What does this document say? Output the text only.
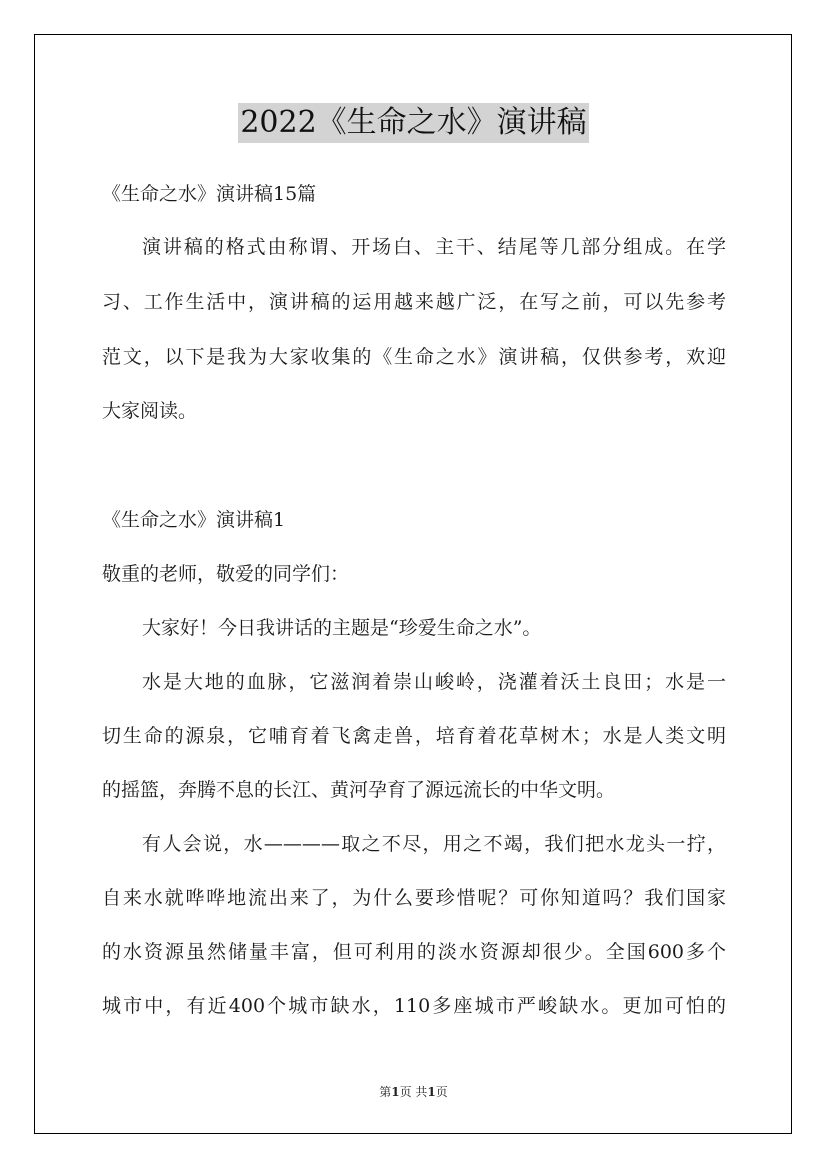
2022《生命之水》演讲稿
《生命之水》演讲稿15篇
演讲稿的格式由称谓、开场白、主干、结尾等几部分组成。在学
习、工作生活中，演讲稿的运用越来越广泛，在写之前，可以先参考
范文，以下是我为大家收集的《生命之水》演讲稿，仅供参考，欢迎
大家阅读。
《生命之水》演讲稿1
敬重的老师，敬爱的同学们：
大家好！今日我讲话的主题是“珍爱生命之水”。
水是大地的血脉，它滋润着崇山峻岭，浇灌着沃土良田；水是一
切生命的源泉，它哺育着飞禽走兽，培育着花草树木；水是人类文明
的摇篮，奔腾不息的长江、黄河孕育了源远流长的中华文明。
有人会说，水————取之不尽，用之不竭，我们把水龙头一拧，
自来水就哗哗地流出来了，为什么要珍惜呢？可你知道吗？我们国家
的水资源虽然储量丰富，但可利用的淡水资源却很少。全国600多个
城市中，有近400个城市缺水，110多座城市严峻缺水。更加可怕的
第1页 共1页
